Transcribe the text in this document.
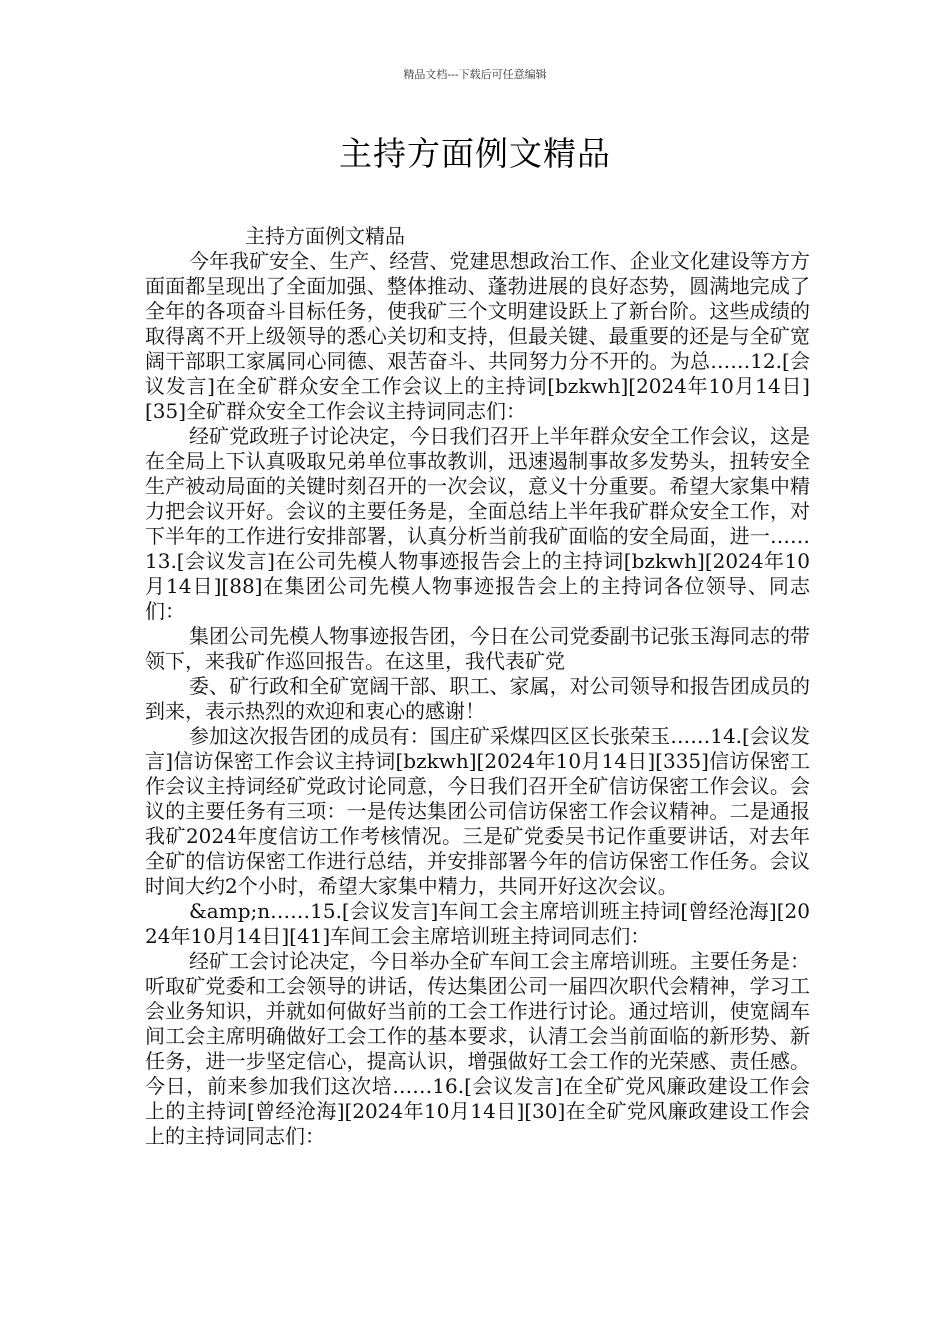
精品文档---下载后可任意编辑
主持方面例文精品

主持方面例文精品

今年我矿安全、生产、经营、党建思想政治工作、企业文化建设等方方面面都呈现出了全面加强、整体推动、蓬勃进展的良好态势，圆满地完成了全年的各项奋斗目标任务，使我矿三个文明建设跃上了新台阶。这些成绩的取得离不开上级领导的悉心关切和支持，但最关键、最重要的还是与全矿宽阔干部职工家属同心同德、艰苦奋斗、共同努力分不开的。为总……12.[会议发言]在全矿群众安全工作会议上的主持词[bzkwh][2024年10月14日][35]全矿群众安全工作会议主持词同志们：

经矿党政班子讨论决定，今日我们召开上半年群众安全工作会议，这是在全局上下认真吸取兄弟单位事故教训，迅速遏制事故多发势头，扭转安全生产被动局面的关键时刻召开的一次会议，意义十分重要。希望大家集中精力把会议开好。会议的主要任务是，全面总结上半年我矿群众安全工作，对下半年的工作进行安排部署，认真分析当前我矿面临的安全局面，进一……13.[会议发言]在公司先模人物事迹报告会上的主持词[bzkwh][2024年10月14日][88]在集团公司先模人物事迹报告会上的主持词各位领导、同志们：

集团公司先模人物事迹报告团，今日在公司党委副书记张玉海同志的带领下，来我矿作巡回报告。在这里，我代表矿党

委、矿行政和全矿宽阔干部、职工、家属，对公司领导和报告团成员的到来，表示热烈的欢迎和衷心的感谢！

参加这次报告团的成员有：国庄矿采煤四区区长张荣玉……14.[会议发言]信访保密工作会议主持词[bzkwh][2024年10月14日][335]信访保密工作会议主持词经矿党政讨论同意，今日我们召开全矿信访保密工作会议。会议的主要任务有三项：一是传达集团公司信访保密工作会议精神。二是通报我矿2024年度信访工作考核情况。三是矿党委吴书记作重要讲话，对去年全矿的信访保密工作进行总结，并安排部署今年的信访保密工作任务。会议时间大约2个小时，希望大家集中精力，共同开好这次会议。

&amp;n……15.[会议发言]车间工会主席培训班主持词[曾经沧海][2024年10月14日][41]车间工会主席培训班主持词同志们：

经矿工会讨论决定，今日举办全矿车间工会主席培训班。主要任务是：听取矿党委和工会领导的讲话，传达集团公司一届四次职代会精神，学习工会业务知识，并就如何做好当前的工会工作进行讨论。通过培训，使宽阔车间工会主席明确做好工会工作的基本要求，认清工会当前面临的新形势、新任务，进一步坚定信心，提高认识，增强做好工会工作的光荣感、责任感。今日，前来参加我们这次培……16.[会议发言]在全矿党风廉政建设工作会上的主持词[曾经沧海][2024年10月14日][30]在全矿党风廉政建设工作会上的主持词同志们：
